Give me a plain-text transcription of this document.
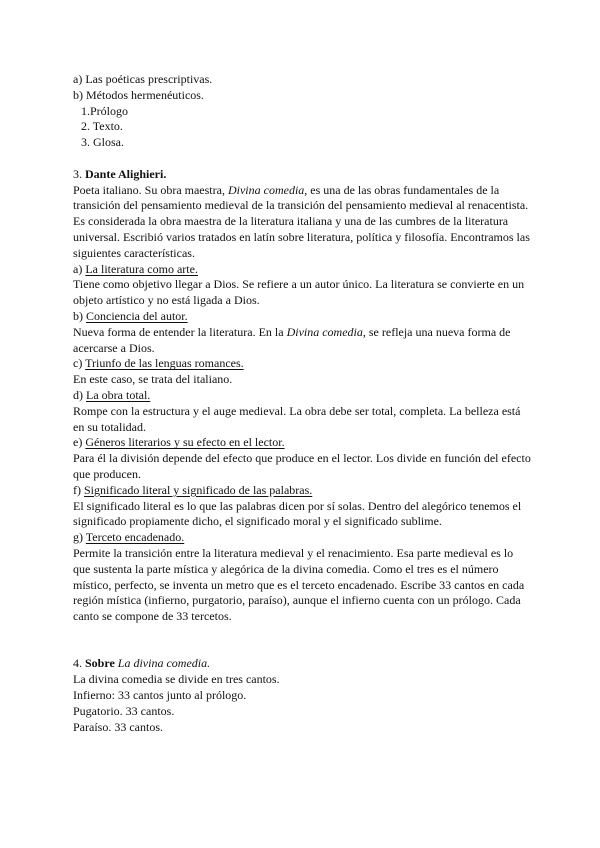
a) Las poéticas prescriptivas.

b) Métodos hermenéuticos.

1.Prólogo

2. Texto.

3. Glosa.

3. Dante Alighieri.

Poeta italiano. Su obra maestra, Divina comedia, es una de las obras fundamentales de la transición del pensamiento medieval de la transición del pensamiento medieval al renacentista. Es considerada la obra maestra de la literatura italiana y una de las cumbres de la literatura universal. Escribió varios tratados en latín sobre literatura, política y filosofía. Encontramos las siguientes características.

a) La literatura como arte.

Tiene como objetivo llegar a Dios. Se refiere a un autor único. La literatura se convierte en un objeto artístico y no está ligada a Dios.

b) Conciencia del autor.

Nueva forma de entender la literatura. En la Divina comedia, se refleja una nueva forma de acercarse a Dios.

c) Triunfo de las lenguas romances.

En este caso, se trata del italiano.

d) La obra total.

Rompe con la estructura y el auge medieval. La obra debe ser total, completa. La belleza está en su totalidad.

e) Géneros literarios y su efecto en el lector.

Para él la división depende del efecto que produce en el lector. Los divide en función del efecto que producen.

f) Significado literal y significado de las palabras.

El significado literal es lo que las palabras dicen por sí solas. Dentro del alegórico tenemos el significado propiamente dicho, el significado moral y el significado sublime.

g) Terceto encadenado.

Permite la transición entre la literatura medieval y el renacimiento. Esa parte medieval es lo que sustenta la parte mística y alegórica de la divina comedia. Como el tres es el número místico, perfecto, se inventa un metro que es el terceto encadenado. Escribe 33 cantos en cada región mística (infierno, purgatorio, paraíso), aunque el infierno cuenta con un prólogo. Cada canto se compone de 33 tercetos.

4. Sobre La divina comedia.

La divina comedia se divide en tres cantos.

Infierno: 33 cantos junto al prólogo.

Pugatorio. 33 cantos.

Paraíso. 33 cantos.
